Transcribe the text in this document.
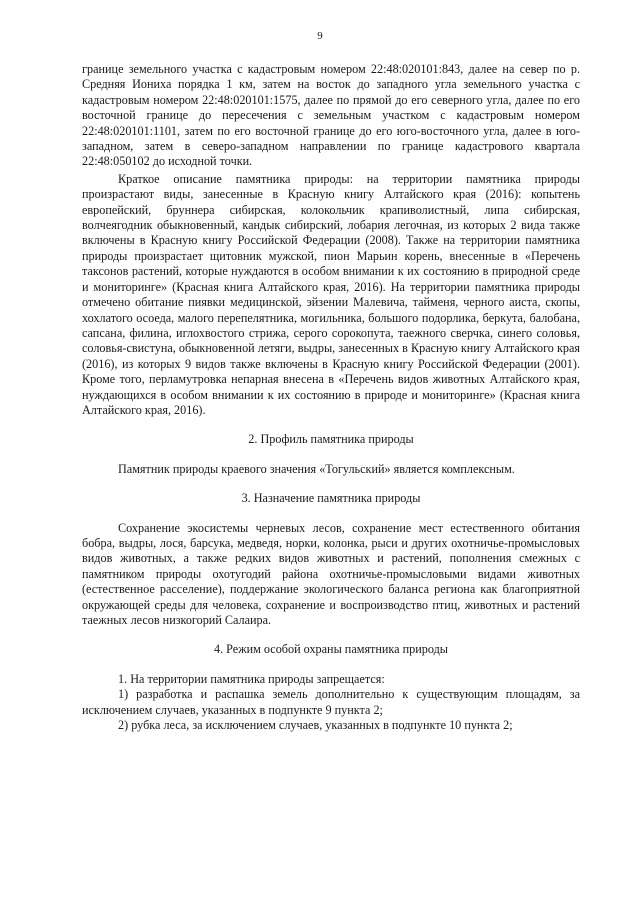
9

границе земельного участка с кадастровым номером 22:48:020101:843, далее на север по р. Средняя Иониха порядка 1 км, затем на восток до западного угла земельного участка с кадастровым номером 22:48:020101:1575, далее по прямой до его северного угла, далее по его восточной границе до пересечения с земельным участком с кадастровым номером 22:48:020101:1101, затем по его восточной границе до его юго-восточного угла, далее в юго-западном, затем в северо-западном направлении по границе кадастрового квартала 22:48:050102 до исходной точки.

Краткое описание памятника природы: на территории памятника природы произрастают виды, занесенные в Красную книгу Алтайского края (2016): копытень европейский, бруннера сибирская, колокольчик крапиволистный, липа сибирская, волчеягодник обыкновенный, кандык сибирский, лобария легочная, из которых 2 вида также включены в Красную книгу Российской Федерации (2008). Также на территории памятника природы произрастает щитовник мужской, пион Марьин корень, внесенные в «Перечень таксонов растений, которые нуждаются в особом внимании к их состоянию в природной среде и мониторинге» (Красная книга Алтайского края, 2016). На территории памятника природы отмечено обитание пиявки медицинской, эйзении Малевича, тайменя, черного аиста, скопы, хохлатого осоеда, малого перепелятника, могильника, большого подорлика, беркута, балобана, сапсана, филина, иглохвостого стрижа, серого сорокопута, таежного сверчка, синего соловья, соловья-свистуна, обыкновенной летяги, выдры, занесенных в Красную книгу Алтайского края (2016), из которых 9 видов также включены в Красную книгу Российской Федерации (2001). Кроме того, перламутровка непарная внесена в «Перечень видов животных Алтайского края, нуждающихся в особом внимании к их состоянию в природе и мониторинге» (Красная книга Алтайского края, 2016).

2. Профиль памятника природы

Памятник природы краевого значения «Тогульский» является комплексным.

3. Назначение памятника природы

Сохранение экосистемы черневых лесов, сохранение мест естественного обитания бобра, выдры, лося, барсука, медведя, норки, колонка, рыси и других охотничье-промысловых видов животных, а также редких видов животных и растений, пополнения смежных с памятником природы охотугодий района охотничье-промысловыми видами животных (естественное расселение), поддержание экологического баланса региона как благоприятной окружающей среды для человека, сохранение и воспроизводство птиц, животных и растений таежных лесов низкогорий Салаира.

4. Режим особой охраны памятника природы

1. На территории памятника природы запрещается:

1) разработка и распашка земель дополнительно к существующим площадям, за исключением случаев, указанных в подпункте 9 пункта 2;

2) рубка леса, за исключением случаев, указанных в подпункте 10 пункта 2;
